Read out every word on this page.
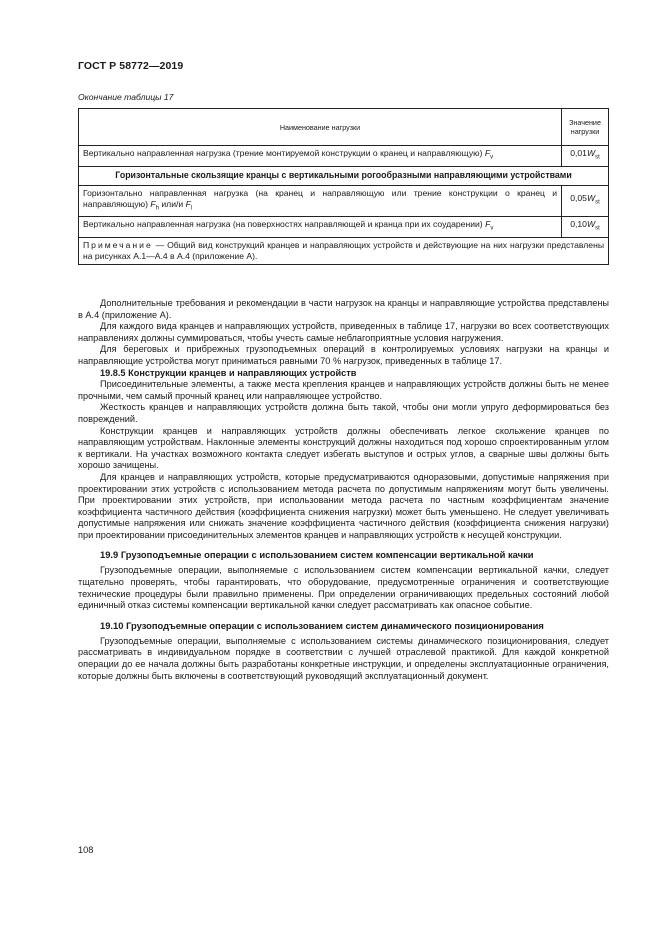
ГОСТ Р 58772—2019
Окончание таблицы 17
Наименование нагрузки	Значение
нагрузки
Вертикально направленная нагрузка (трение монтируемой конструкции о кранец и направляющую) $F_v$	$0,01W_{st}$
Горизонтальные скользящие кранцы с вертикальными рогообразными направляющими устройствами	
Горизонтально направленная нагрузка (на кранец и направляющую или трение конструкции о кранец и направляющую) $F_h$ или/и $F_l$	$0,05W_{st}$
Вертикально направленная нагрузка (на поверхностях направляющей и кранца при их соударении) $F_v$	$0,10W_{st}$
Примечание — Общий вид конструкций кранцев и направляющих устройств и действующие на них нагрузки представлены на рисунках А.1—А.4 в А.4 (приложение А).	

Дополнительные требования и рекомендации в части нагрузок на кранцы и направляющие устройства представлены в А.4 (приложение А).

Для каждого вида кранцев и направляющих устройств, приведенных в таблице 17, нагрузки во всех соответствующих направлениях должны суммироваться, чтобы учесть самые неблагоприятные условия нагружения.

Для береговых и прибрежных грузоподъемных операций в контролируемых условиях нагрузки на кранцы и направляющие устройства могут приниматься равными 70 % нагрузок, приведенных в таблице 17.

19.8.5 Конструкции кранцев и направляющих устройств

Присоединительные элементы, а также места крепления кранцев и направляющих устройств должны быть не менее прочными, чем самый прочный кранец или направляющее устройство.

Жесткость кранцев и направляющих устройств должна быть такой, чтобы они могли упруго деформироваться без повреждений.

Конструкции кранцев и направляющих устройств должны обеспечивать легкое скольжение кранцев по направляющим устройствам. Наклонные элементы конструкций должны находиться под хорошо спроектированным углом к вертикали. На участках возможного контакта следует избегать выступов и острых углов, а сварные швы должны быть хорошо зачищены.

Для кранцев и направляющих устройств, которые предусматриваются одноразовыми, допустимые напряжения при проектировании этих устройств с использованием метода расчета по допустимым напряжениям могут быть увеличены. При проектировании этих устройств, при использовании метода расчета по частным коэффициентам значение коэффициента частичного действия (коэффициента снижения нагрузки) может быть уменьшено. Не следует увеличивать допустимые напряжения или снижать значение коэффициента частичного действия (коэффициента снижения нагрузки) при проектировании присоединительных элементов кранцев и направляющих устройств к несущей конструкции.

19.9 Грузоподъемные операции с использованием систем компенсации вертикальной качки

Грузоподъемные операции, выполняемые с использованием систем компенсации вертикальной качки, следует тщательно проверять, чтобы гарантировать, что оборудование, предусмотренные ограничения и соответствующие технические процедуры были правильно применены. При определении ограничивающих предельных состояний любой единичный отказ системы компенсации вертикальной качки следует рассматривать как опасное событие.

19.10 Грузоподъемные операции с использованием систем динамического позиционирования

Грузоподъемные операции, выполняемые с использованием системы динамического позиционирования, следует рассматривать в индивидуальном порядке в соответствии с лучшей отраслевой практикой. Для каждой конкретной операции до ее начала должны быть разработаны конкретные инструкции, и определены эксплуатационные ограничения, которые должны быть включены в соответствующий руководящий эксплуатационный документ.

108
